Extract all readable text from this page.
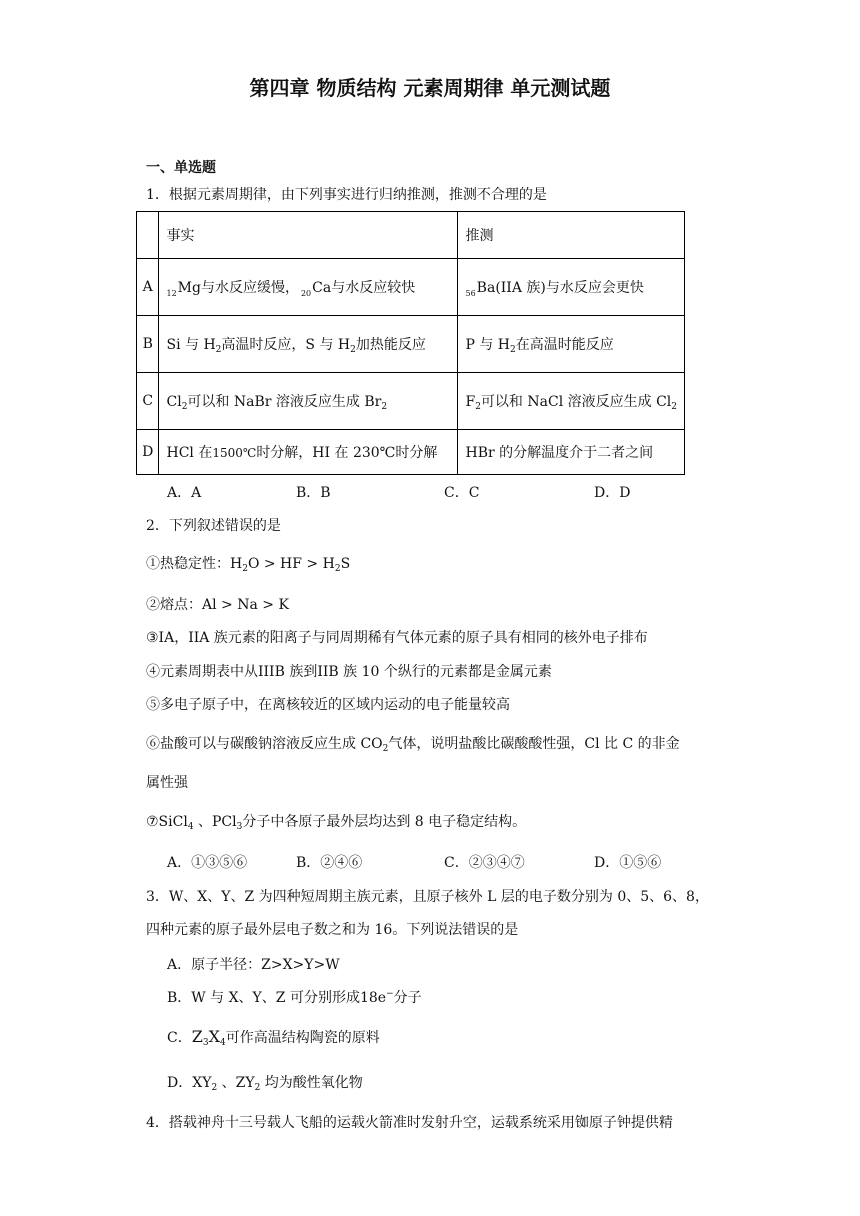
第四章 物质结构 元素周期律 单元测试题
一、单选题
1．根据元素周期律，由下列事实进行归纳推测，推测不合理的是
	事实	推测
A	$_{12}$Mg与水反应缓慢， $_{20}$Ca与水反应较快	$_{56}$Ba(IIA 族)与水反应会更快
B	Si 与 $H_2$高温时反应，S 与 $H_2$加热能反应	P 与 $H_2$在高温时能反应
C	$Cl_2$可以和 NaBr 溶液反应生成 $Br_2$	$F_2$可以和 NaCl 溶液反应生成 $Cl_2$
D	HCl 在1500℃时分解，HI 在 230℃时分解	HBr 的分解温度介于二者之间
A．A	B．B	C．C	D．D
2．下列叙述错误的是
①热稳定性：$H_2O$ > HF > $H_2S$
②熔点：Al > Na > K
③IA，IIA 族元素的阳离子与同周期稀有气体元素的原子具有相同的核外电子排布
④元素周期表中从IIIB 族到IIB 族 10 个纵行的元素都是金属元素
⑤多电子原子中，在离核较近的区域内运动的电子能量较高
⑥盐酸可以与碳酸钠溶液反应生成 $CO_2$气体，说明盐酸比碳酸酸性强，Cl 比 C 的非金
属性强
⑦SiCl$_4$ 、PCl$_3$分子中各原子最外层均达到 8 电子稳定结构。
A．①③⑤⑥	B．②④⑥	C．②③④⑦	D．①⑤⑥
3．W、X、Y、Z 为四种短周期主族元素，且原子核外 L 层的电子数分别为 0、5、6、8，
四种元素的原子最外层电子数之和为 16。下列说法错误的是
A．原子半径：Z>X>Y>W
B．W 与 X、Y、Z 可分别形成18e−分子
C．$Z_3X_4$可作高温结构陶瓷的原料
D．$XY_2$ 、$ZY_2$ 均为酸性氧化物
4．搭载神舟十三号载人飞船的运载火箭准时发射升空，运载系统采用铷原子钟提供精
